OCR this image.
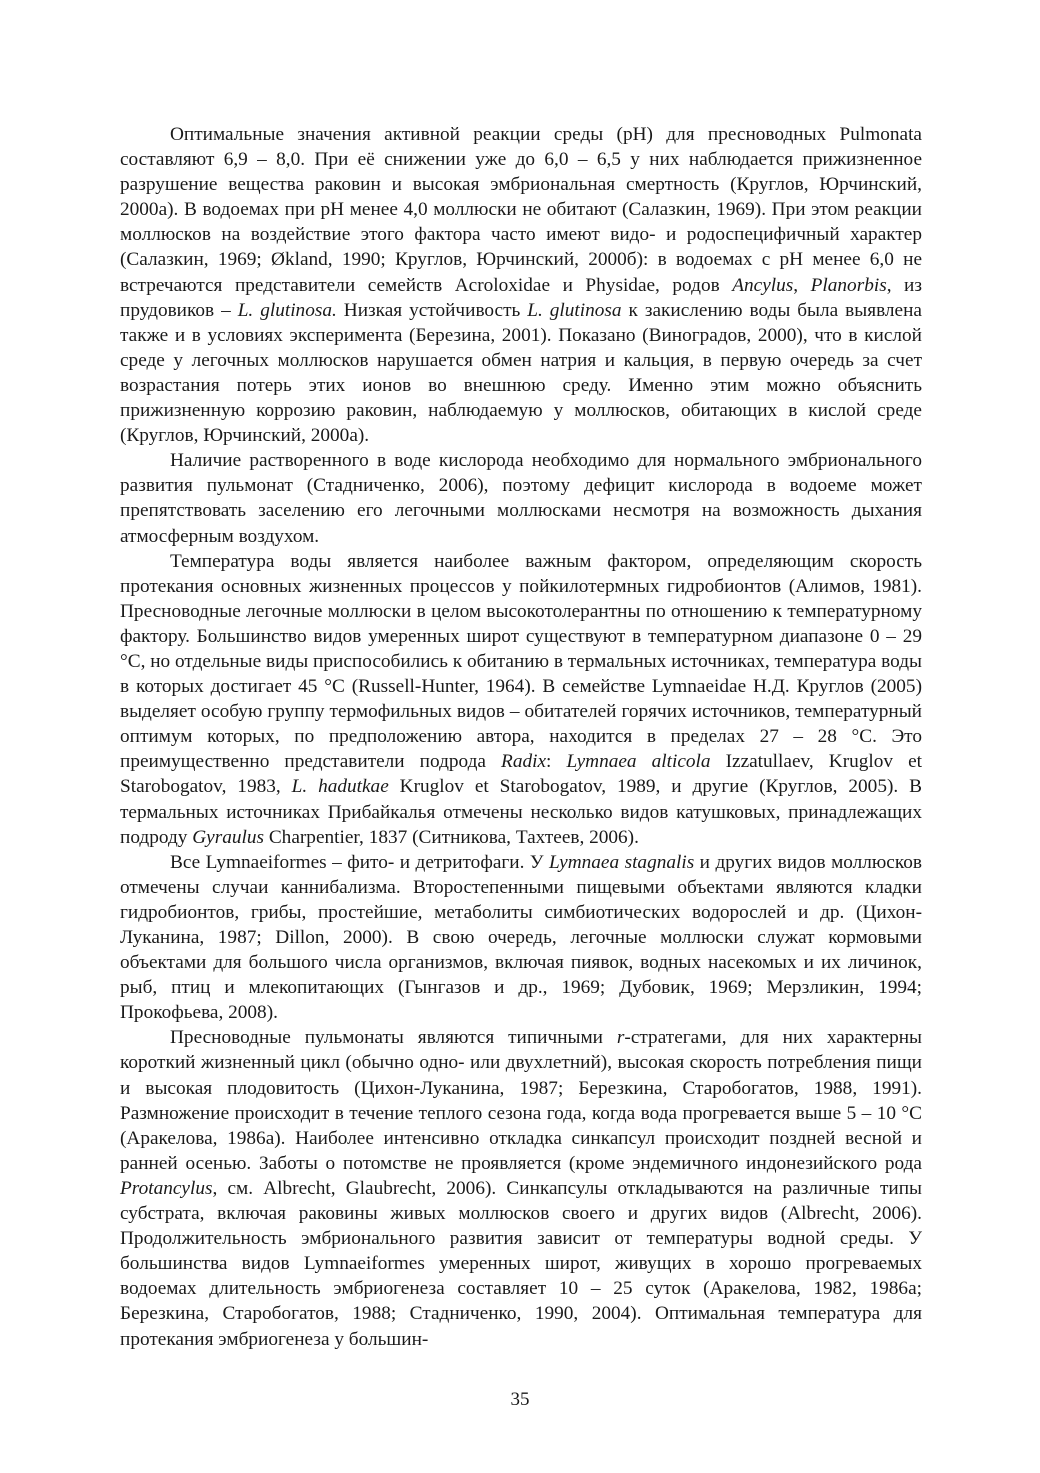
Оптимальные значения активной реакции среды (pH) для пресноводных Pulmonata составляют 6,9 – 8,0. При её снижении уже до 6,0 – 6,5 у них наблюдается прижизненное разрушение вещества раковин и высокая эмбриональная смертность (Круглов, Юрчинский, 2000а). В водоемах при pH менее 4,0 моллюски не обитают (Салазкин, 1969). При этом реакции моллюсков на воздействие этого фактора часто имеют видо- и родоспецифичный характер (Салазкин, 1969; Økland, 1990; Круглов, Юрчинский, 2000б): в водоемах с pH менее 6,0 не встречаются представители семейств Acroloxidae и Physidae, родов Ancylus, Planorbis, из прудовиков – L. glutinosa. Низкая устойчивость L. glutinosa к закислению воды была выявлена также и в условиях эксперимента (Березина, 2001). Показано (Виноградов, 2000), что в кислой среде у легочных моллюсков нарушается обмен натрия и кальция, в первую очередь за счет возрастания потерь этих ионов во внешнюю среду. Именно этим можно объяснить прижизненную коррозию раковин, наблюдаемую у моллюсков, обитающих в кислой среде (Круглов, Юрчинский, 2000а).

Наличие растворенного в воде кислорода необходимо для нормального эмбрионального развития пульмонат (Стадниченко, 2006), поэтому дефицит кислорода в водоеме может препятствовать заселению его легочными моллюсками несмотря на возможность дыхания атмосферным воздухом.

Температура воды является наиболее важным фактором, определяющим скорость протекания основных жизненных процессов у пойкилотермных гидробионтов (Алимов, 1981). Пресноводные легочные моллюски в целом высокотолерантны по отношению к температурному фактору. Большинство видов умеренных широт существуют в температурном диапазоне 0 – 29 °С, но отдельные виды приспособились к обитанию в термальных источниках, температура воды в которых достигает 45 °С (Russell-Hunter, 1964). В семействе Lymnaeidae Н.Д. Круглов (2005) выделяет особую группу термофильных видов – обитателей горячих источников, температурный оптимум которых, по предположению автора, находится в пределах 27 – 28 °С. Это преимущественно представители подрода Radix: Lymnaea alticola Izzatullaev, Kruglov et Starobogatov, 1983, L. hadutkae Kruglov et Starobogatov, 1989, и другие (Круглов, 2005). В термальных источниках Прибайкалья отмечены несколько видов катушковых, принадлежащих подроду Gyraulus Charpentier, 1837 (Ситникова, Тахтеев, 2006).

Все Lymnaeiformes – фито- и детритофаги. У Lymnaea stagnalis и других видов моллюсков отмечены случаи каннибализма. Второстепенными пищевыми объектами являются кладки гидробионтов, грибы, простейшие, метаболиты симбиотических водорослей и др. (Цихон-Луканина, 1987; Dillon, 2000). В свою очередь, легочные моллюски служат кормовыми объектами для большого числа организмов, включая пиявок, водных насекомых и их личинок, рыб, птиц и млекопитающих (Гынгазов и др., 1969; Дубовик, 1969; Мерзликин, 1994; Прокофьева, 2008).

Пресноводные пульмонаты являются типичными r-стратегами, для них характерны короткий жизненный цикл (обычно одно- или двухлетний), высокая скорость потребления пищи и высокая плодовитость (Цихон-Луканина, 1987; Березкина, Старобогатов, 1988, 1991). Размножение происходит в течение теплого сезона года, когда вода прогревается выше 5 – 10 °С (Аракелова, 1986а). Наиболее интенсивно откладка синкапсул происходит поздней весной и ранней осенью. Заботы о потомстве не проявляется (кроме эндемичного индонезийского рода Protancylus, см. Albrecht, Glaubrecht, 2006). Синкапсулы откладываются на различные типы субстрата, включая раковины живых моллюсков своего и других видов (Albrecht, 2006). Продолжительность эмбрионального развития зависит от температуры водной среды. У большинства видов Lymnaeiformes умеренных широт, живущих в хорошо прогреваемых водоемах длительность эмбриогенеза составляет 10 – 25 суток (Аракелова, 1982, 1986а; Березкина, Старобогатов, 1988; Стадниченко, 1990, 2004). Оптимальная температура для протекания эмбриогенеза у большин-

35
